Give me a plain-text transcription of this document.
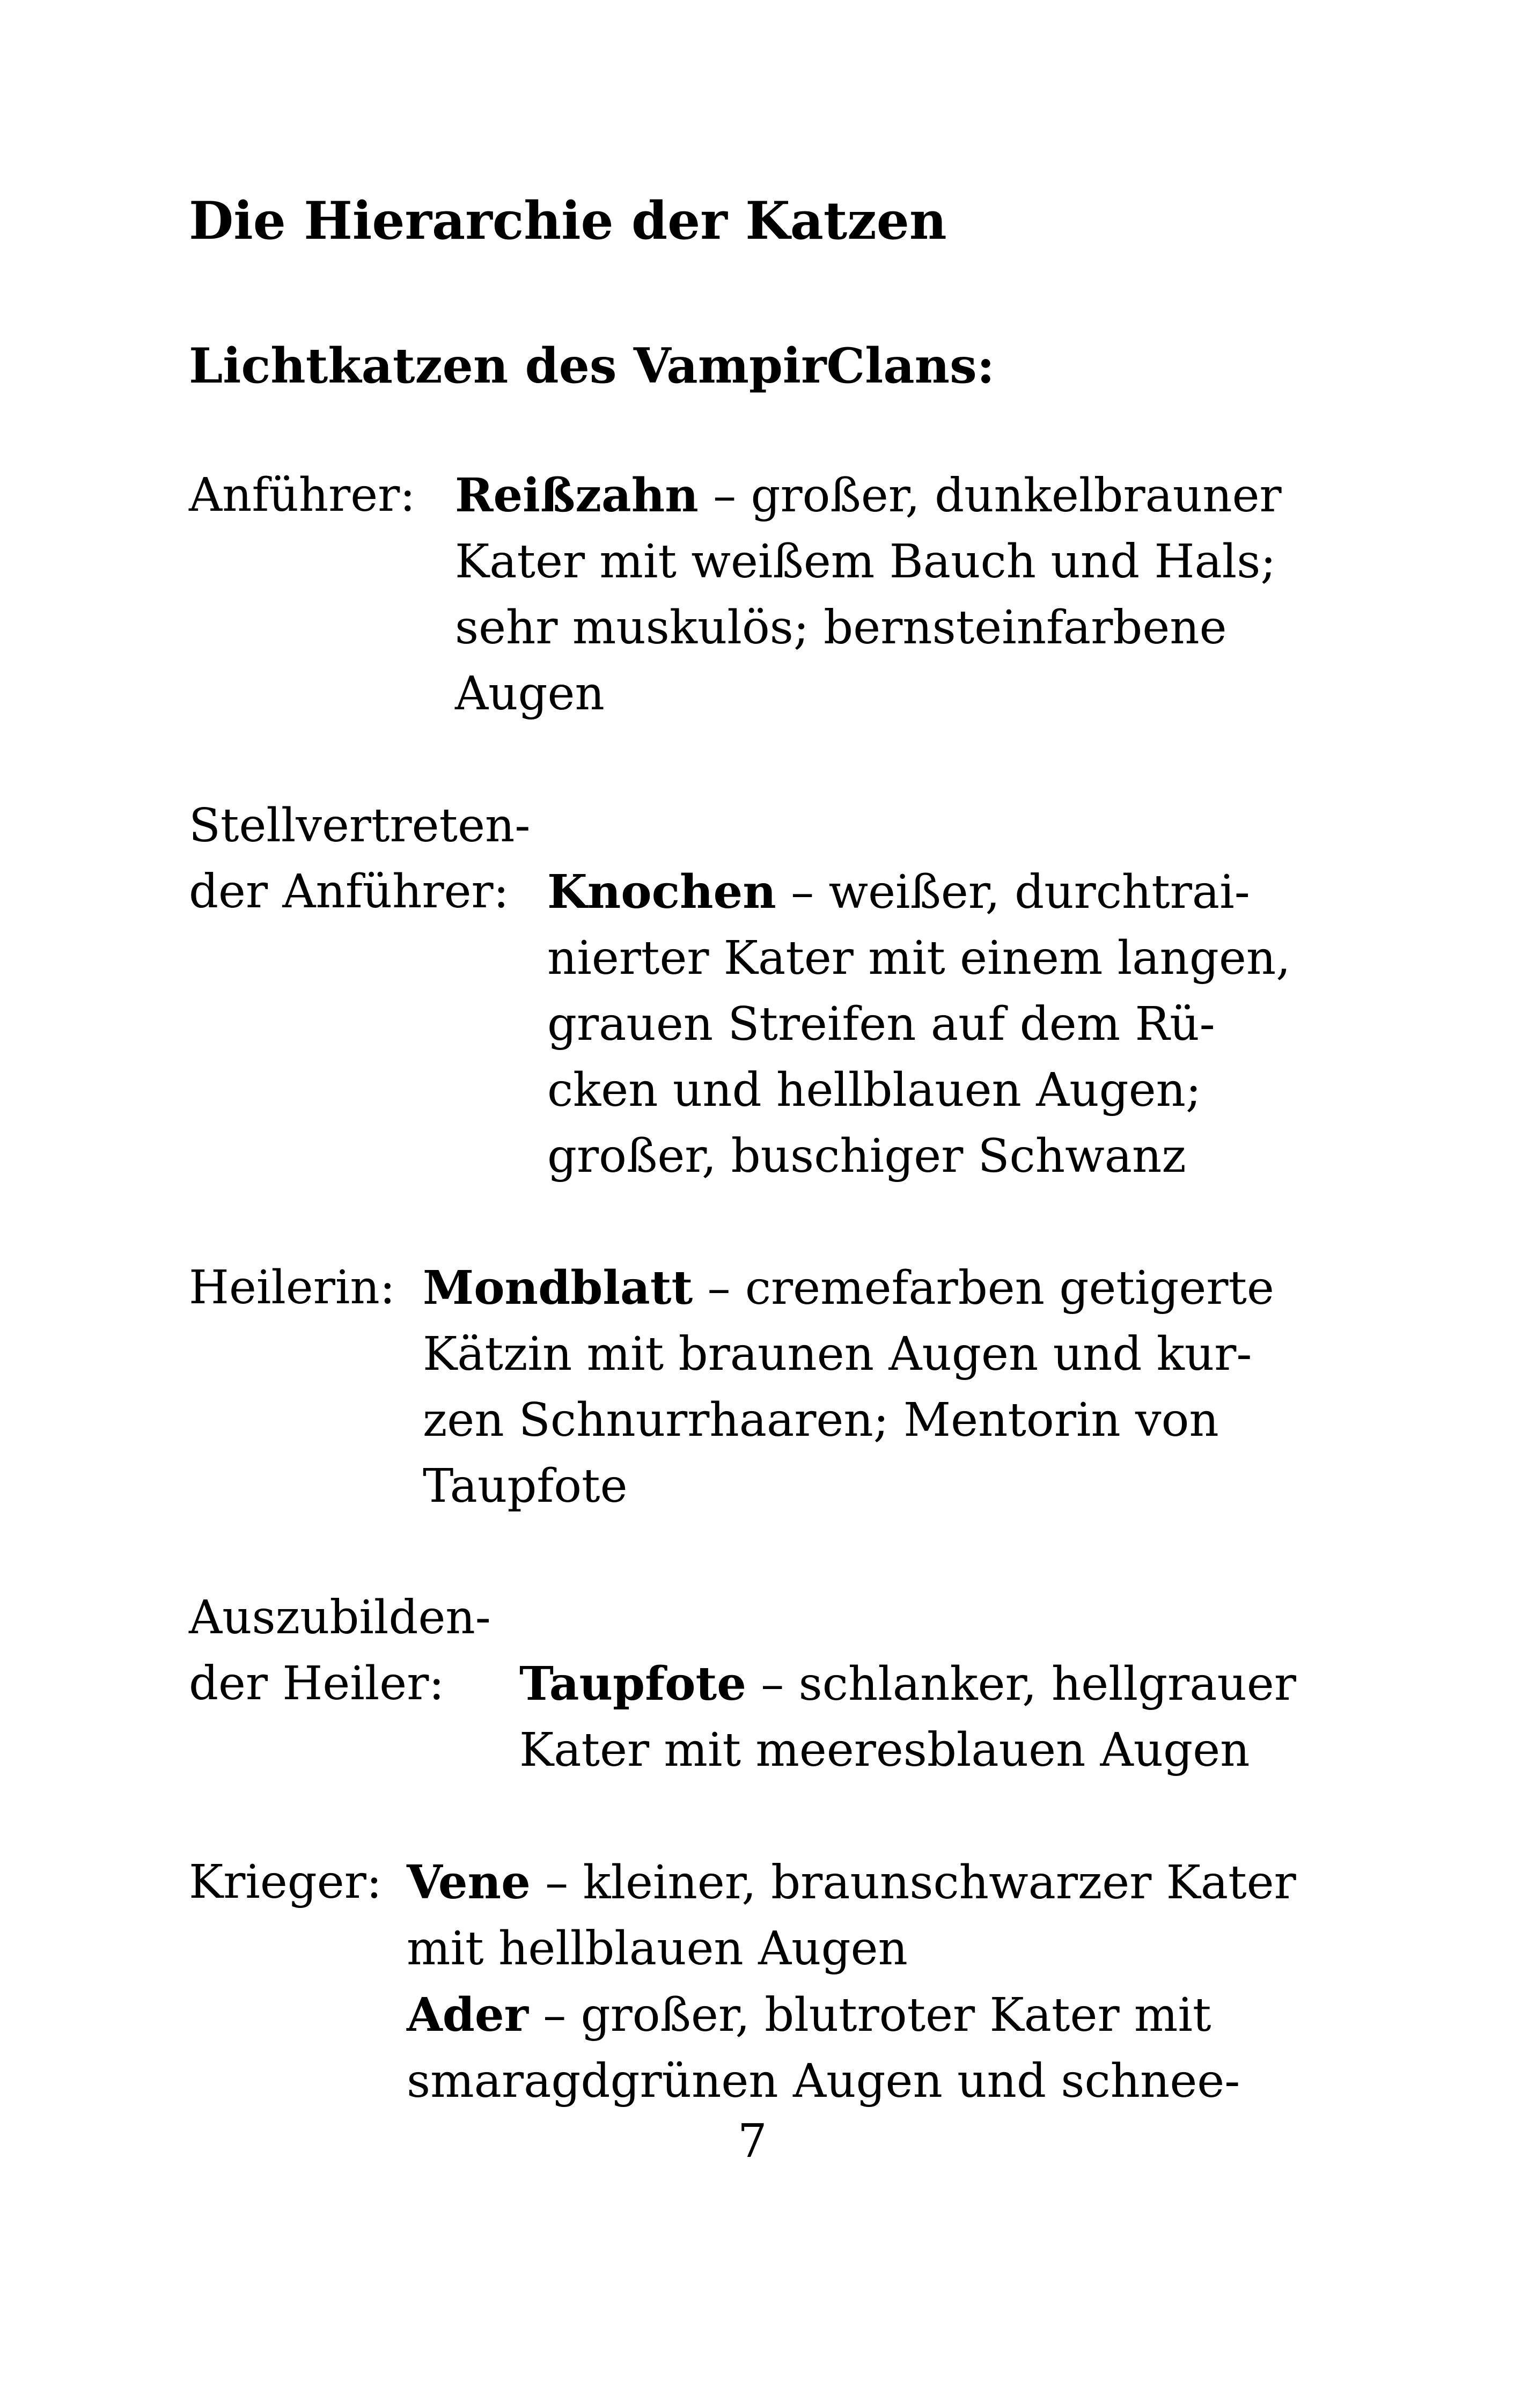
Die Hierarchie der Katzen
Lichtkatzen des VampirClans:
Anführer: Reißzahn – großer, dunkelbrauner
Kater mit weißem Bauch und Hals;
sehr muskulös; bernsteinfarbene
Augen
Stellvertreten-
der Anführer: Knochen – weißer, durchtrai-
nierter Kater mit einem langen,
grauen Streifen auf dem Rü-
cken und hellblauen Augen;
großer, buschiger Schwanz
Heilerin: Mondblatt – cremefarben getigerte
Kätzin mit braunen Augen und kur-
zen Schnurrhaaren; Mentorin von
Taupfote
Auszubilden-
der Heiler: Taupfote – schlanker, hellgrauer
Kater mit meeresblauen Augen
Krieger: Vene – kleiner, braunschwarzer Kater
mit hellblauen Augen
Ader – großer, blutroter Kater mit
smaragdgrünen Augen und schnee-
7
